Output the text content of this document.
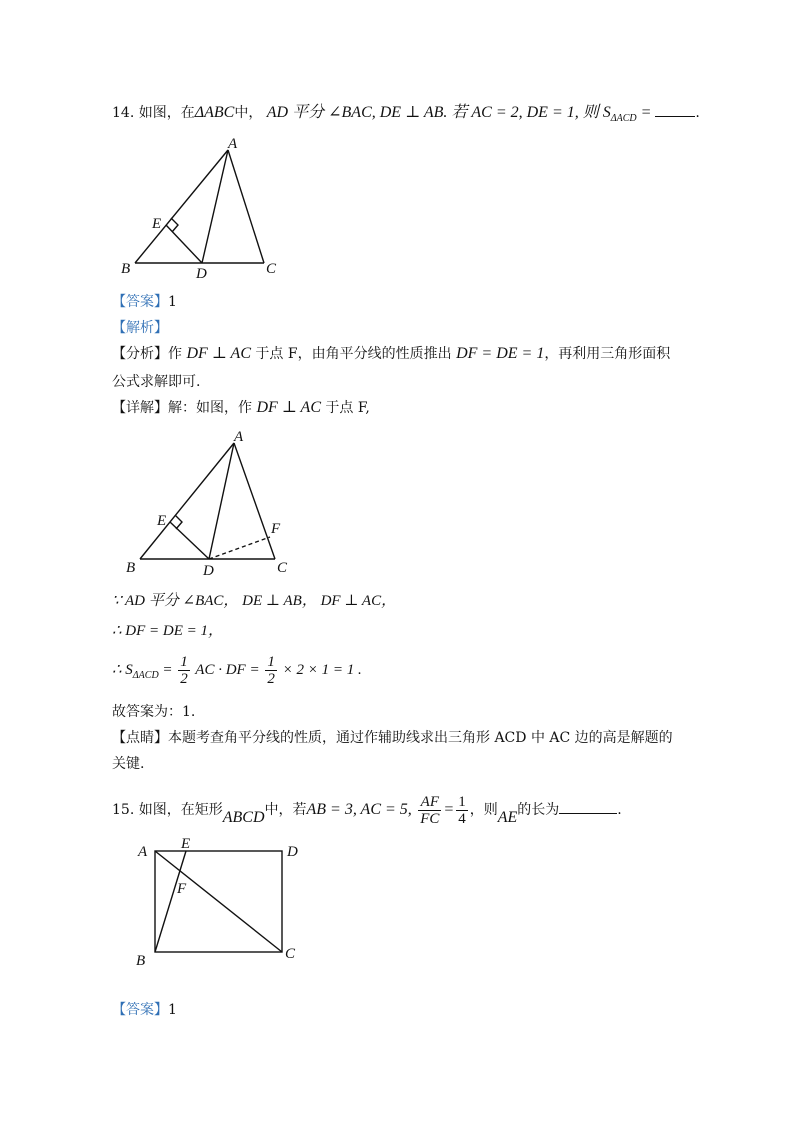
14. 如图，在ΔABC中， AD 平分 ∠BAC, DE ⊥ AB. 若 AC = 2, DE = 1, 则 $S_{\Delta ACD}$ =	.
A
B	C
D
E
【答案】1
【解析】
【分析】作 DF ⊥ AC 于点 F，由角平分线的性质推出 DF = DE = 1，再利用三角形面积
公式求解即可.
【详解】解：如图，作 DF ⊥ AC 于点 F,
A
B	C
D
E	F
∵ AD 平分 ∠BAC， DE ⊥ AB， DF ⊥ AC，
∴ DF = DE = 1，
∴ $S_{\Delta ACD} = \frac{1}{2}$ AC · DF = $\frac{1}{2} \times 2 \times 1 = 1$ .
故答案为：1.
【点睛】本题考查角平分线的性质，通过作辅助线求出三角形 ACD 中 AC 边的高是解题的
关键.
15. 如图，在矩形ABCD中，若AB = 3, AC = 5, $\frac{AF}{FC} = \frac{1}{4}$ ，则AE的长为	.
A
B	C
D
E
F
【答案】1
